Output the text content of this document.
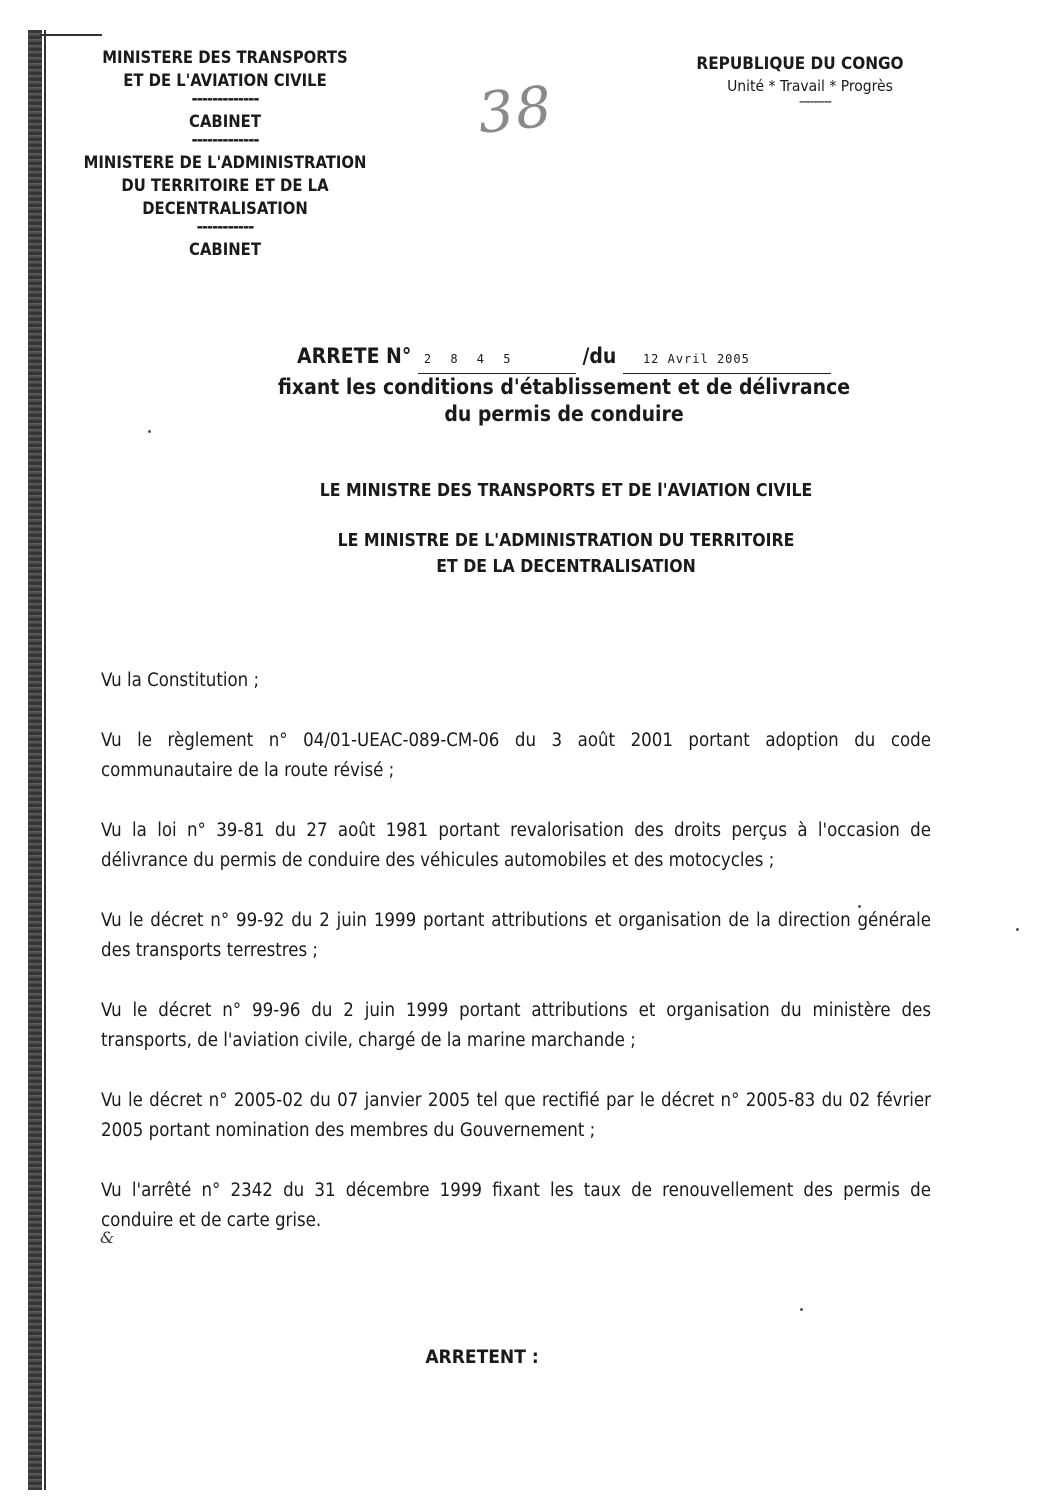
MINISTERE DES TRANSPORTS
ET DE L'AVIATION CIVILE
-------------
CABINET
-------------
MINISTERE DE L'ADMINISTRATION
DU TERRITOIRE ET DE LA
DECENTRALISATION
-----------
CABINET
REPUBLIQUE DU CONGO
Unité * Travail * Progrès
---------
38
ARRETE N° 2 8 4 5	/du 12 Avril 2005
fixant les conditions d'établissement et de délivrance
du permis de conduire
LE MINISTRE DES TRANSPORTS ET DE l'AVIATION CIVILE
LE MINISTRE DE L'ADMINISTRATION DU TERRITOIRE
ET DE LA DECENTRALISATION

Vu la Constitution ;

Vu le règlement n° 04/01-UEAC-089-CM-06 du 3 août 2001 portant adoption du code communautaire de la route révisé ;

Vu la loi n° 39-81 du 27 août 1981 portant revalorisation des droits perçus à l'occasion de délivrance du permis de conduire des véhicules automobiles et des motocycles ;

Vu le décret n° 99-92 du 2 juin 1999 portant attributions et organisation de la direction générale des transports terrestres ;

Vu le décret n° 99-96 du 2 juin 1999 portant attributions et organisation du ministère des transports, de l'aviation civile, chargé de la marine marchande ;

Vu le décret n° 2005-02 du 07 janvier 2005 tel que rectifié par le décret n° 2005-83 du 02 février 2005 portant nomination des membres du Gouvernement ;

Vu l'arrêté n° 2342 du 31 décembre 1999 fixant les taux de renouvellement des permis de conduire et de carte grise.

&
ARRETENT :
